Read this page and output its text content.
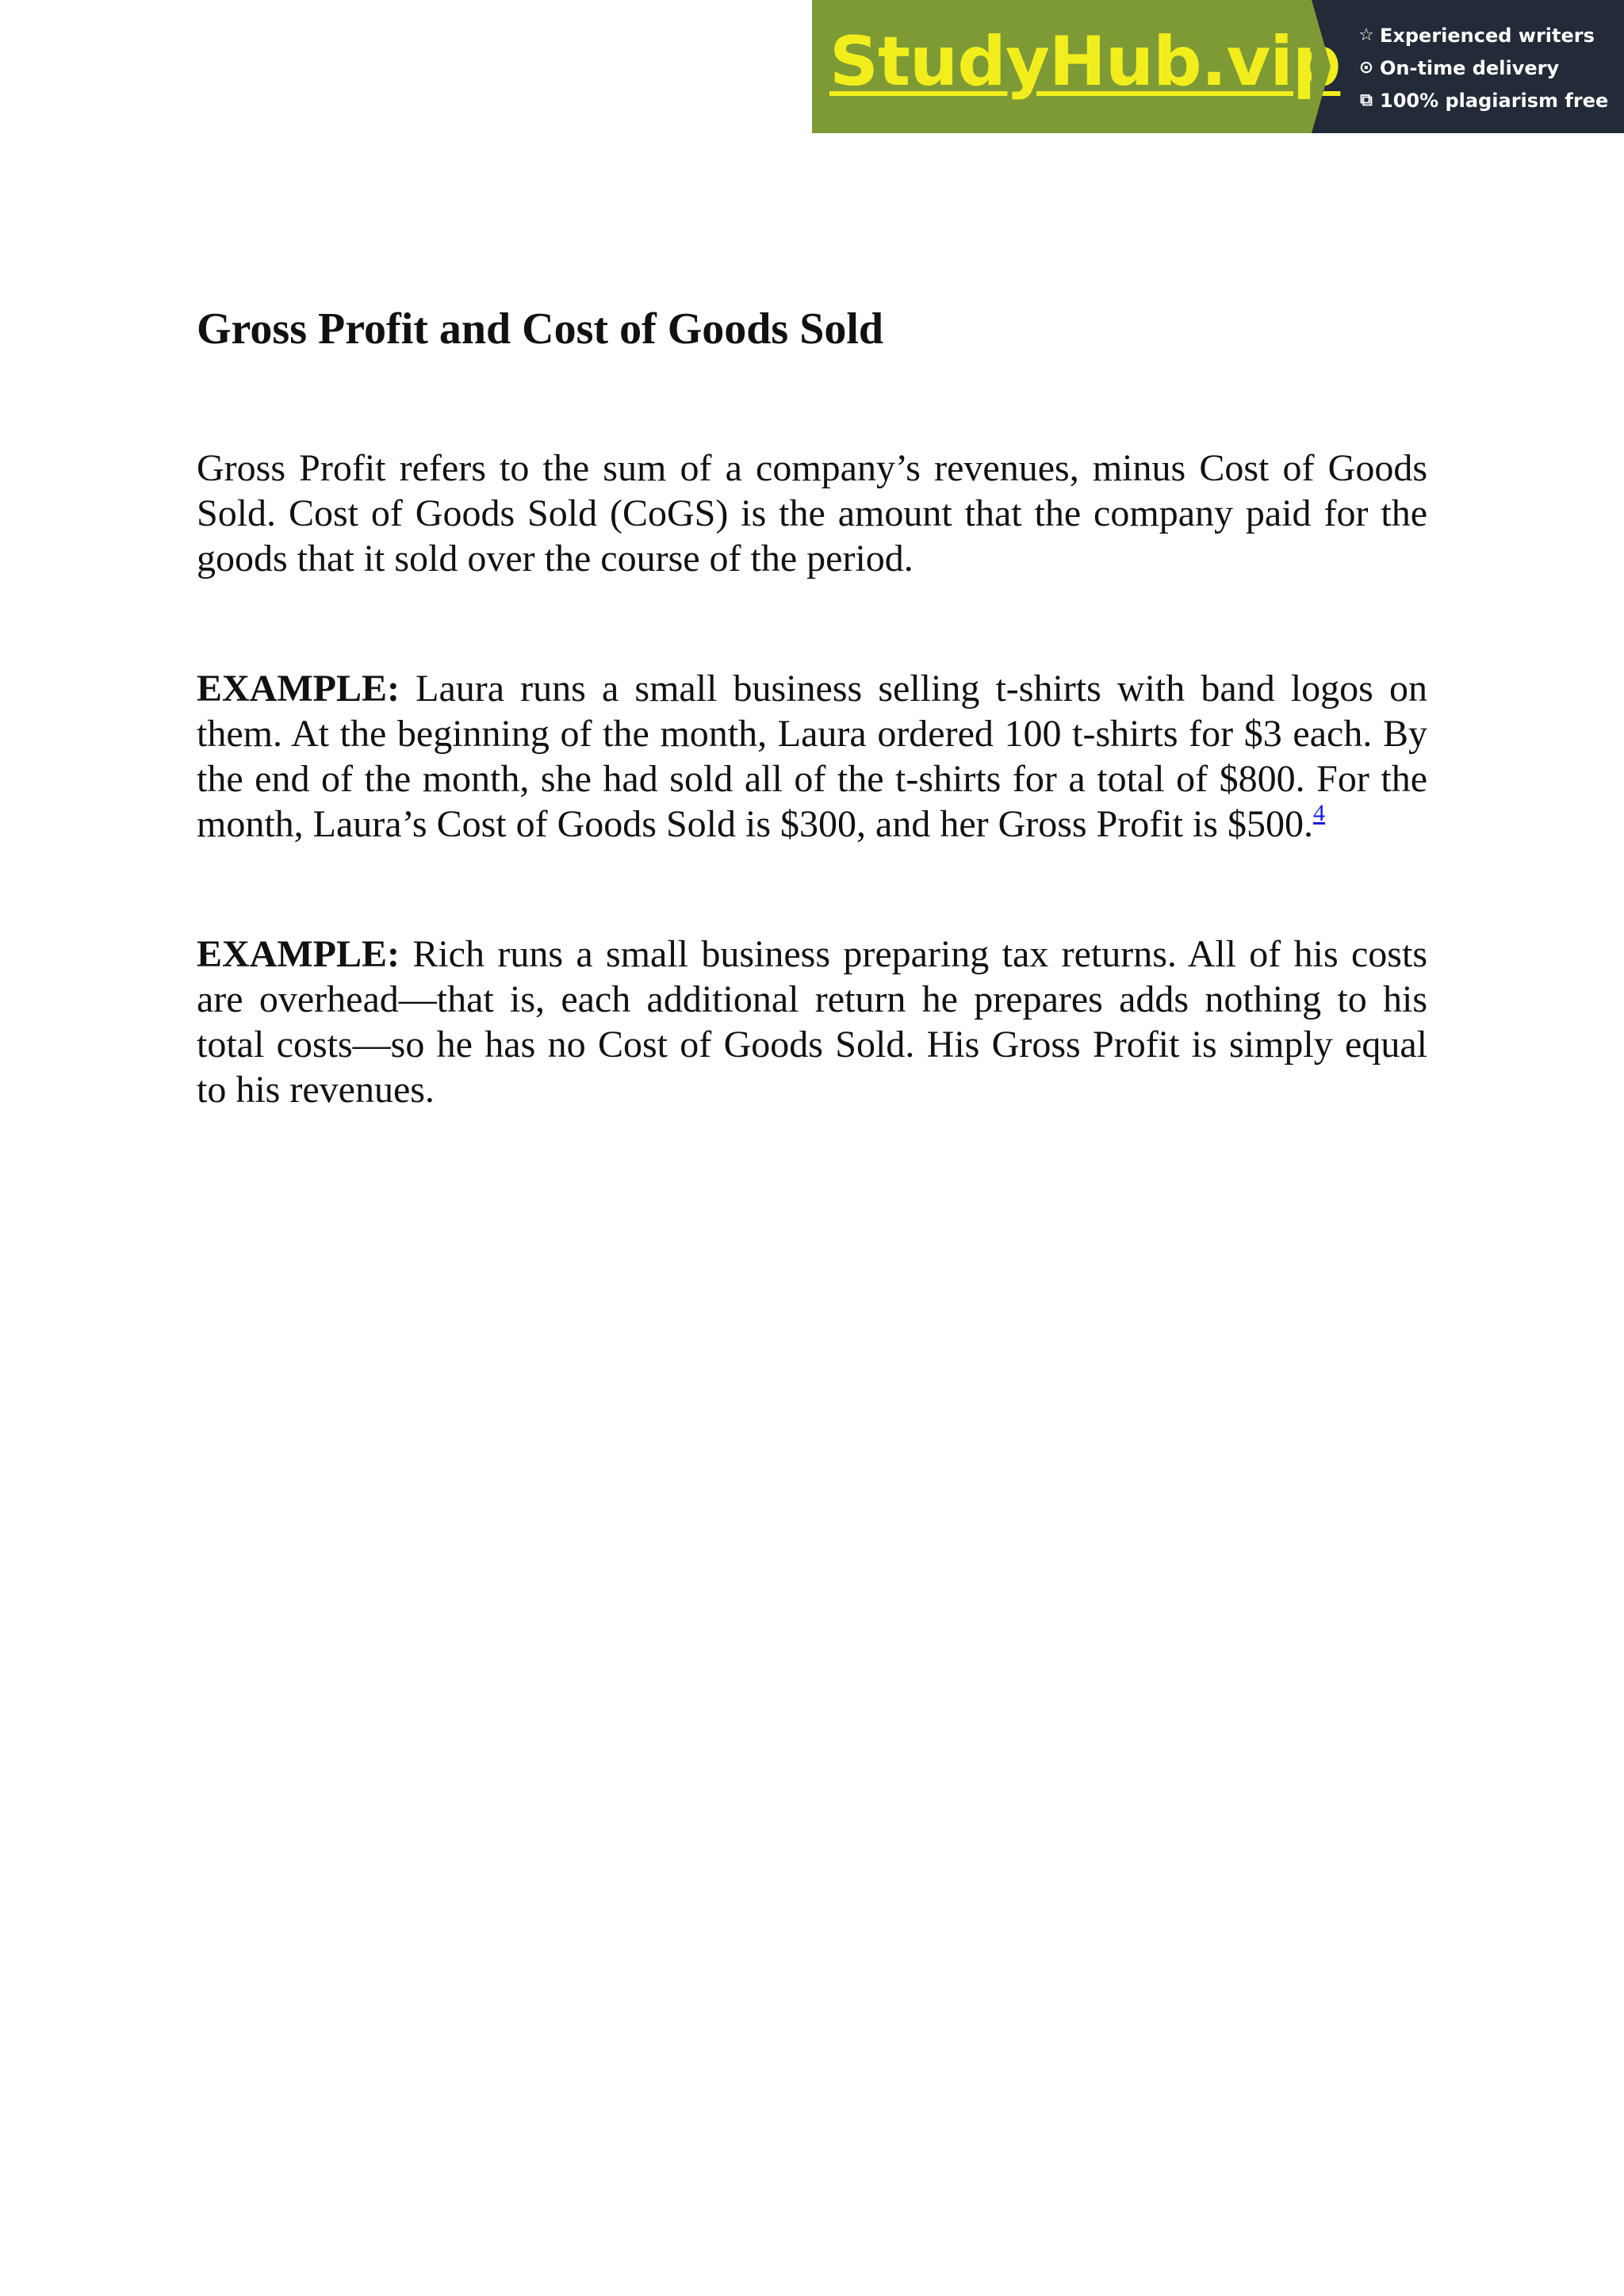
StudyHub.vip ☆ Experienced writers
⊙ On-time delivery
⧉ 100% plagiarism free
Gross Profit and Cost of Goods Sold

Gross Profit refers to the sum of a company’s revenues, minus Cost of Goods Sold. Cost of Goods Sold (CoGS) is the amount that the company paid for the goods that it sold over the course of the period.

EXAMPLE: Laura runs a small business selling t-shirts with band logos on them. At the beginning of the month, Laura ordered 100 t-shirts for $3 each. By the end of the month, she had sold all of the t-shirts for a total of $800. For the month, Laura’s Cost of Goods Sold is $300, and her Gross Profit is $500.$^4$

EXAMPLE: Rich runs a small business preparing tax returns. All of his costs are overhead—that is, each additional return he prepares adds nothing to his total costs—so he has no Cost of Goods Sold. His Gross Profit is simply equal to his revenues.
